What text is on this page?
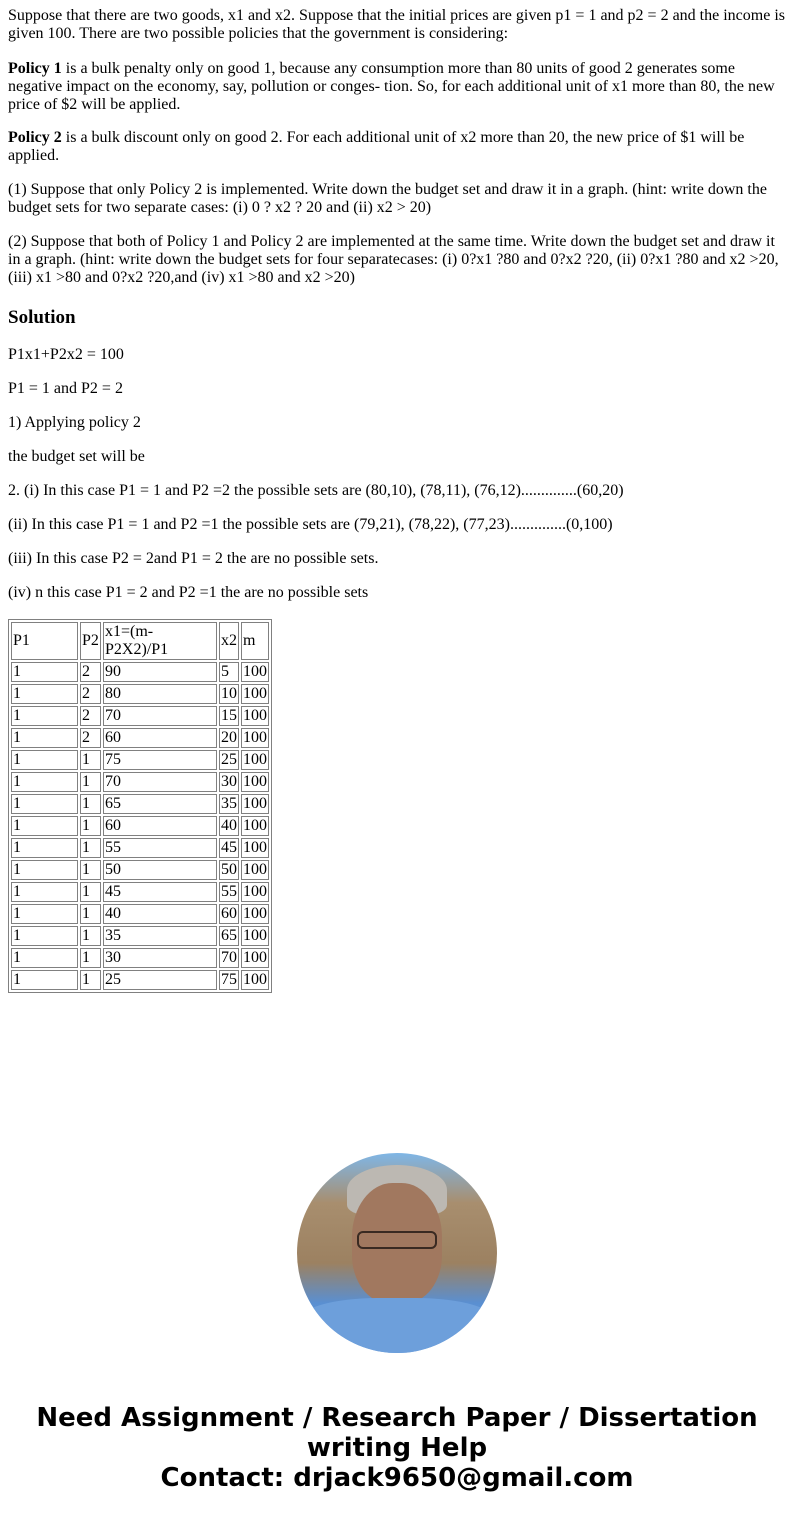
Suppose that there are two goods, x1 and x2. Suppose that the initial prices are given p1 = 1 and p2 = 2 and the income is given 100. There are two possible policies that the government is considering:

Policy 1 is a bulk penalty only on good 1, because any consumption more than 80 units of good 2 generates some negative impact on the economy, say, pollution or conges- tion. So, for each additional unit of x1 more than 80, the new price of $2 will be applied.

Policy 2 is a bulk discount only on good 2. For each additional unit of x2 more than 20, the new price of $1 will be applied.

(1) Suppose that only Policy 2 is implemented. Write down the budget set and draw it in a graph. (hint: write down the budget sets for two separate cases: (i) 0 ? x2 ? 20 and (ii) x2 > 20)

(2) Suppose that both of Policy 1 and Policy 2 are implemented at the same time. Write down the budget set and draw it in a graph. (hint: write down the budget sets for four separatecases: (i) 0?x1 ?80 and 0?x2 ?20, (ii) 0?x1 ?80 and x2 >20, (iii) x1 >80 and 0?x2 ?20,and (iv) x1 >80 and x2 >20)

Solution

P1x1+P2x2 = 100

P1 = 1 and P2 = 2

1) Applying policy 2

the budget set will be

2. (i) In this case P1 = 1 and P2 =2 the possible sets are (80,10), (78,11), (76,12)..............(60,20)

(ii) In this case P1 = 1 and P2 =1 the possible sets are (79,21), (78,22), (77,23)..............(0,100)

(iii) In this case P2 = 2and P1 = 2 the are no possible sets.

(iv) n this case P1 = 2 and P2 =1 the are no possible sets

P1	P2	x1=(m-P2X2)/P1	x2	m
1	2	90	5	100
1	2	80	10	100
1	2	70	15	100
1	2	60	20	100
1	1	75	25	100
1	1	70	30	100
1	1	65	35	100
1	1	60	40	100
1	1	55	45	100
1	1	50	50	100
1	1	45	55	100
1	1	40	60	100
1	1	35	65	100
1	1	30	70	100
1	1	25	75	100
Need Assignment / Research Paper / Dissertation
writing Help
Contact: drjack9650@gmail.com
